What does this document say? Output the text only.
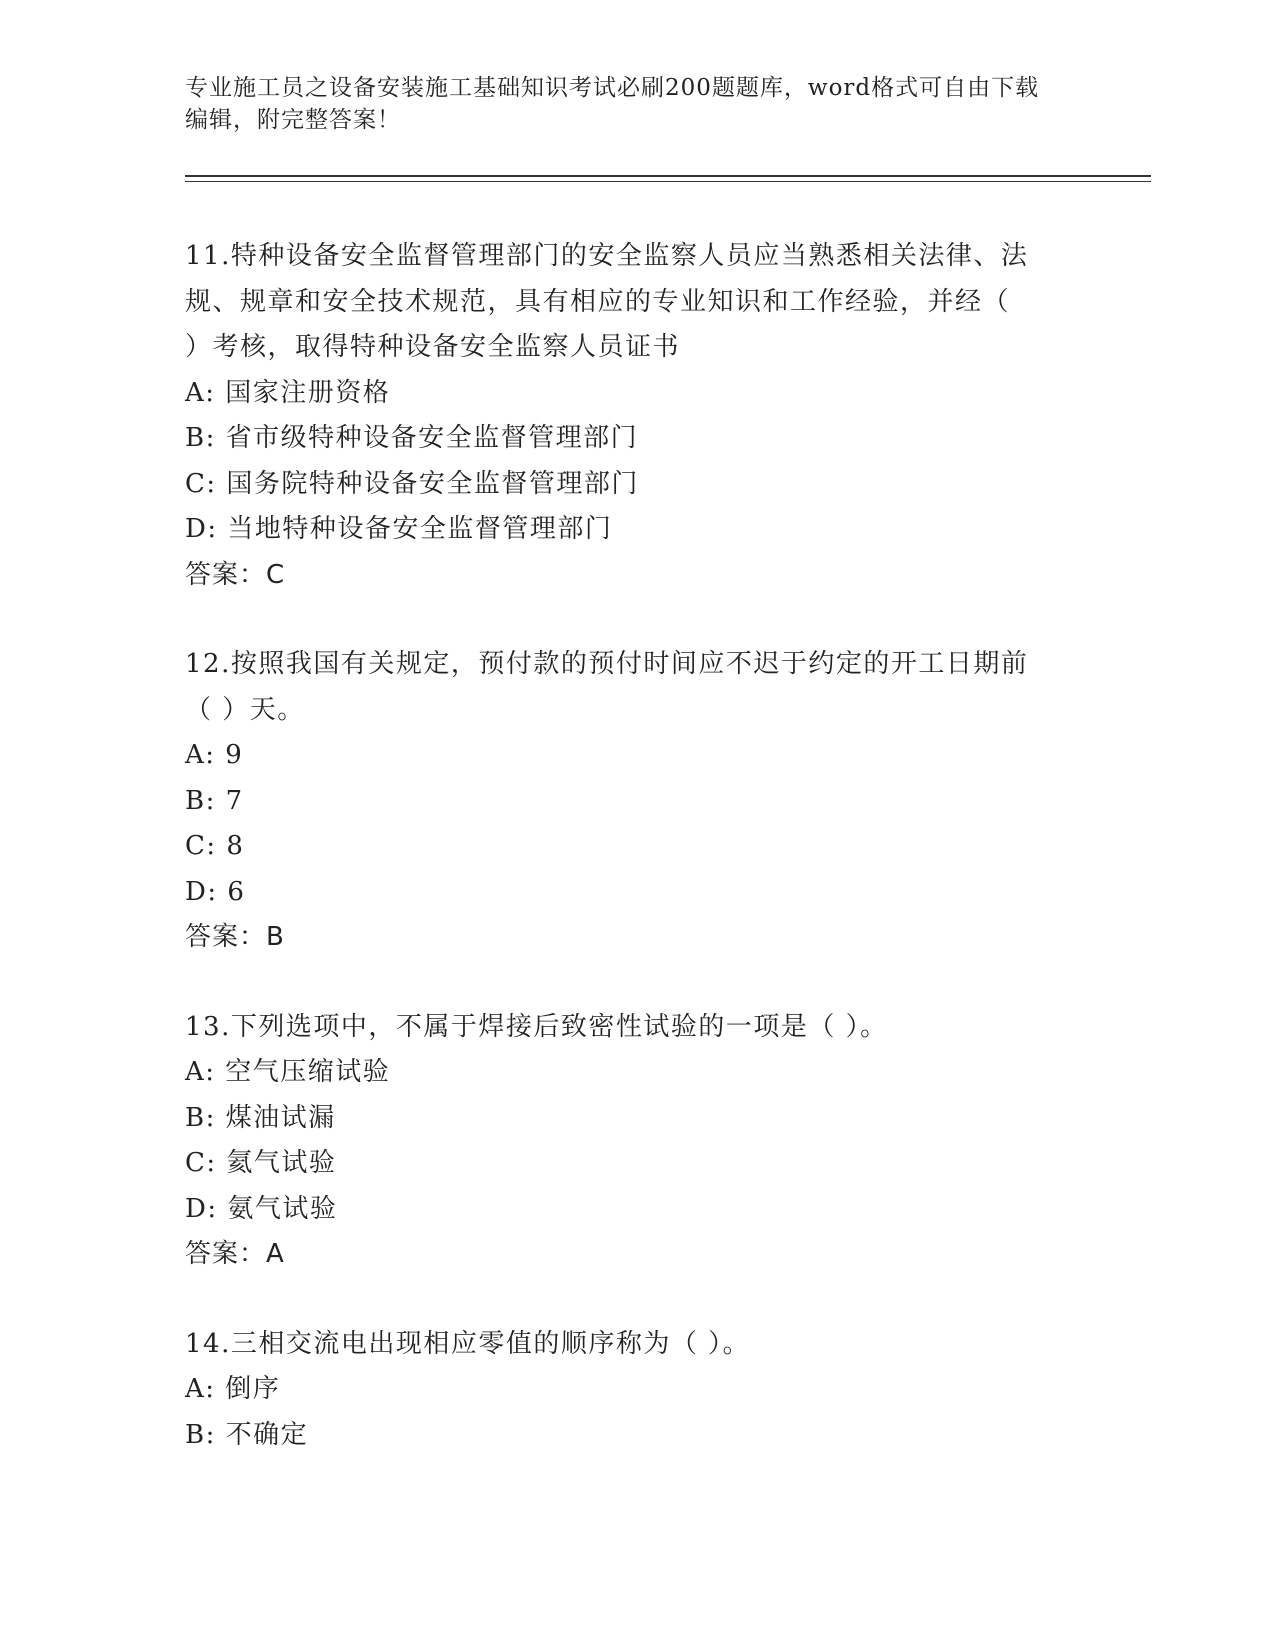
专业施工员之设备安装施工基础知识考试必刷200题题库，word格式可自由下载
编辑，附完整答案！

11.特种设备安全监督管理部门的安全监察人员应当熟悉相关法律、法

规、规章和安全技术规范，具有相应的专业知识和工作经验，并经（

）考核，取得特种设备安全监察人员证书

A: 国家注册资格

B: 省市级特种设备安全监督管理部门

C: 国务院特种设备安全监督管理部门

D: 当地特种设备安全监督管理部门

答案：C

12.按照我国有关规定，预付款的预付时间应不迟于约定的开工日期前

（ ）天。

A: 9

B: 7

C: 8

D: 6

答案：B

13.下列选项中，不属于焊接后致密性试验的一项是（ ）。

A: 空气压缩试验

B: 煤油试漏

C: 氦气试验

D: 氨气试验

答案：A

14.三相交流电出现相应零值的顺序称为（ ）。

A: 倒序

B: 不确定
